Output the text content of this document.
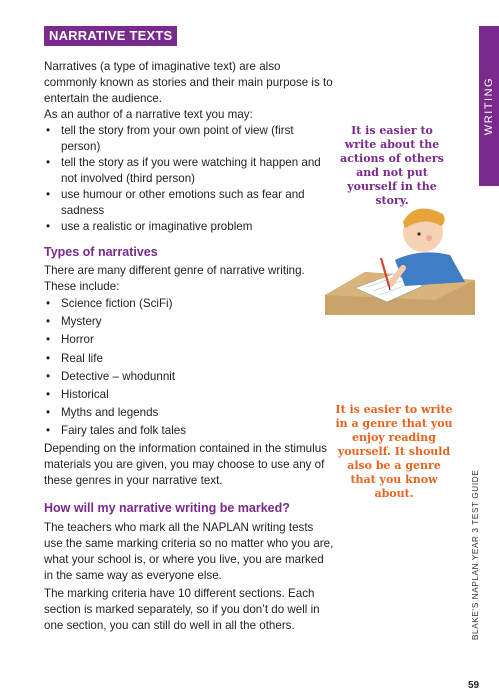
NARRATIVE TEXTS
WRITING

Narratives (a type of imaginative text) are also commonly known as stories and their main purpose is to entertain the audience.

As an author of a narrative text you may:

• tell the story from your own point of view (first person)
• tell the story as if you were watching it happen and not involved (third person)
• use humour or other emotions such as fear and sadness
• use a realistic or imaginative problem

Types of narratives

There are many different genre of narrative writing. These include:

• Science fiction (SciFi)
• Mystery
• Horror
• Real life
• Detective – whodunnit
• Historical
• Myths and legends
• Fairy tales and folk tales

Depending on the information contained in the stimulus materials you are given, you may choose to use any of these genres in your narrative text.

How will my narrative writing be marked?

The teachers who mark all the NAPLAN writing tests use the same marking criteria so no matter who you are, what your school is, or where you live, you are marked in the same way as everyone else.

The marking criteria have 10 different sections. Each section is marked separately, so if you don’t do well in one section, you can still do well in all the others.

It is easier to write about the actions of others and not put yourself in the story.
It is easier to write in a genre that you enjoy reading yourself. It should also be a genre that you know about.	BLAKE’S NAPLAN YEAR 3 TEST GUIDE
59
